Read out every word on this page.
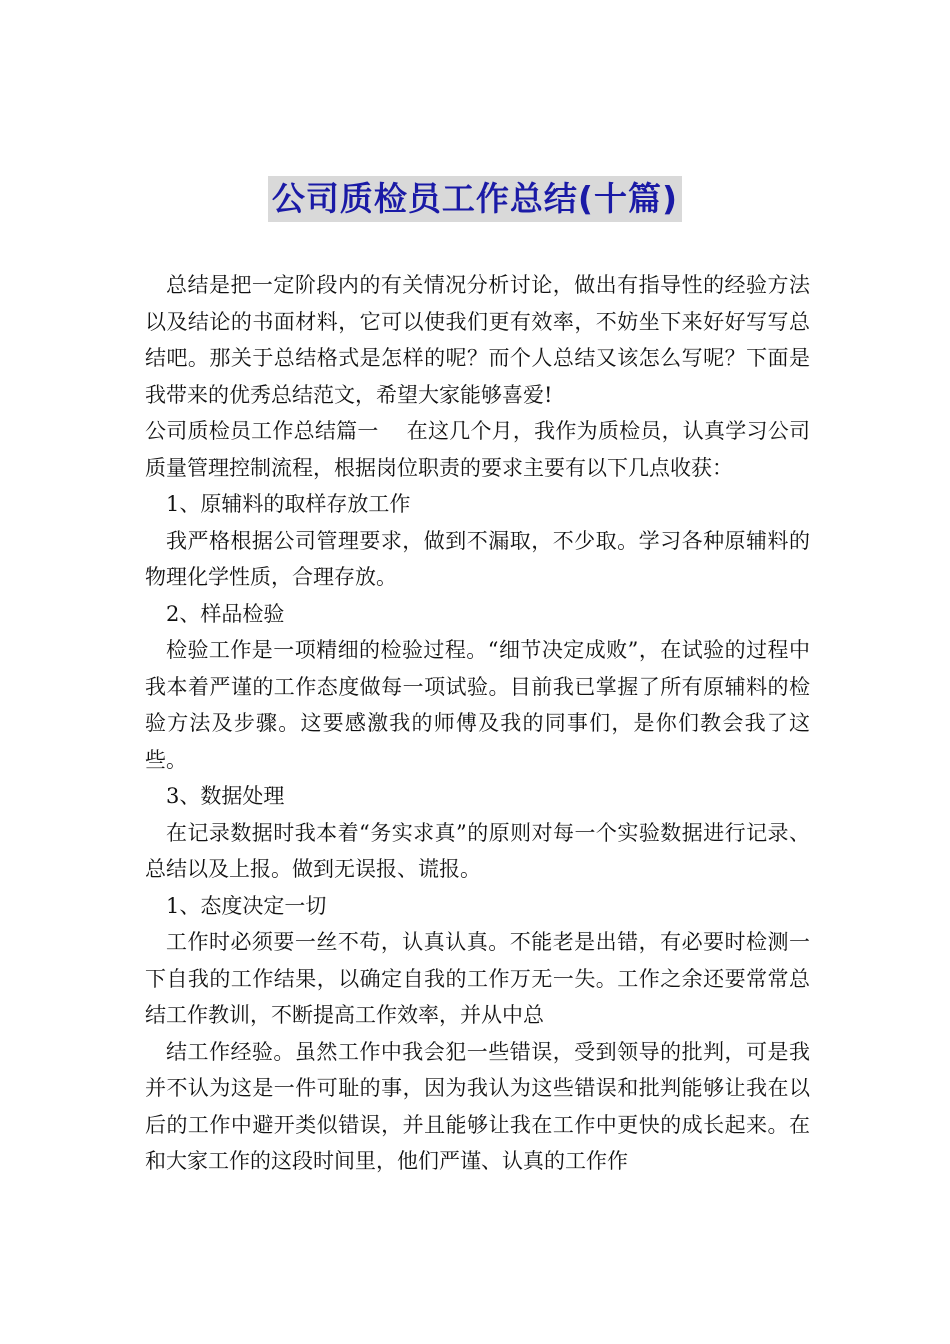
公司质检员工作总结(十篇)

总结是把一定阶段内的有关情况分析讨论，做出有指导性的经验方法以及结论的书面材料，它可以使我们更有效率，不妨坐下来好好写写总结吧。那关于总结格式是怎样的呢？而个人总结又该怎么写呢？下面是我带来的优秀总结范文，希望大家能够喜爱!

公司质检员工作总结篇一　 在这几个月，我作为质检员，认真学习公司质量管理控制流程，根据岗位职责的要求主要有以下几点收获：

1、原辅料的取样存放工作

我严格根据公司管理要求，做到不漏取，不少取。学习各种原辅料的物理化学性质，合理存放。

2、样品检验

检验工作是一项精细的检验过程。“细节决定成败”，在试验的过程中我本着严谨的工作态度做每一项试验。目前我已掌握了所有原辅料的检验方法及步骤。这要感激我的师傅及我的同事们，是你们教会我了这些。

3、数据处理

在记录数据时我本着“务实求真”的原则对每一个实验数据进行记录、总结以及上报。做到无误报、谎报。

1、态度决定一切

工作时必须要一丝不苟，认真认真。不能老是出错，有必要时检测一下自我的工作结果，以确定自我的工作万无一失。工作之余还要常常总结工作教训，不断提高工作效率，并从中总

结工作经验。虽然工作中我会犯一些错误，受到领导的批判，可是我并不认为这是一件可耻的事，因为我认为这些错误和批判能够让我在以后的工作中避开类似错误，并且能够让我在工作中更快的成长起来。在和大家工作的这段时间里，他们严谨、认真的工作作
